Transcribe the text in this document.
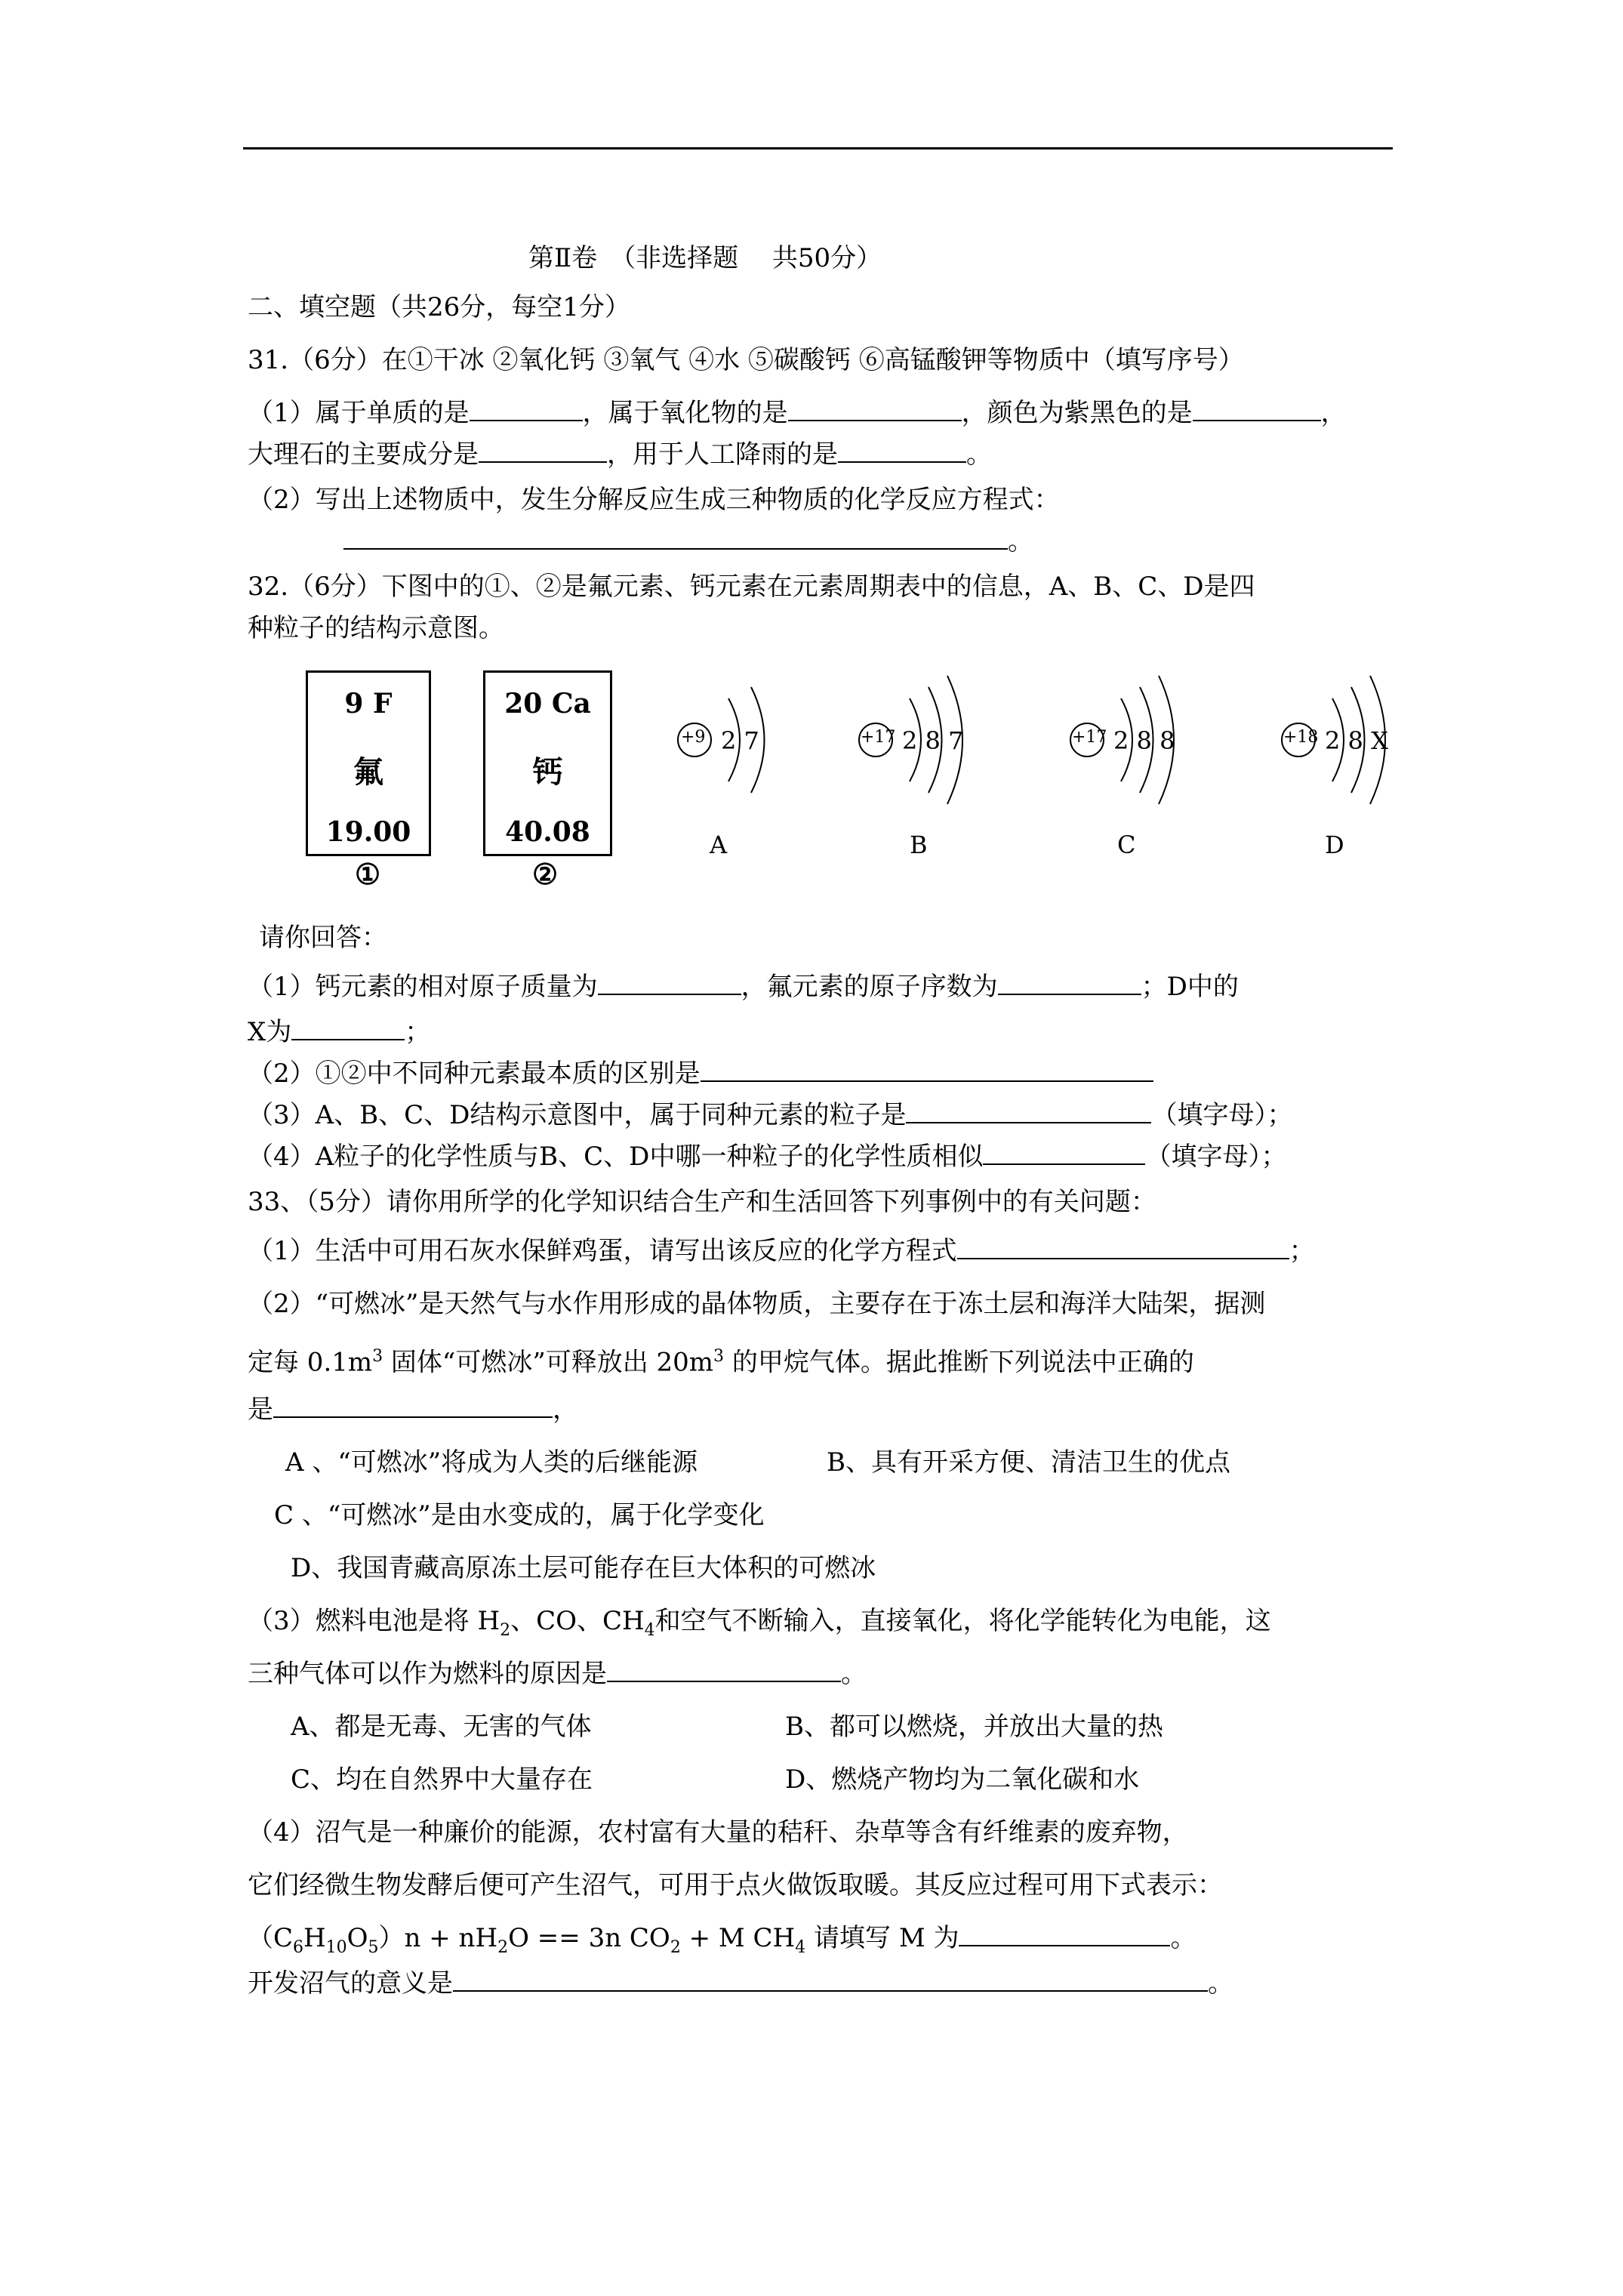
第Ⅱ卷　（非选择题　 共50分）
二、填空题（共26分，每空1分）
31.（6分）在①干冰 ②氧化钙 ③氧气 ④水 ⑤碳酸钙 ⑥高锰酸钾等物质中（填写序号）
（1）属于单质的是	，属于氧化物的是	，颜色为紫黑色的是	，
大理石的主要成分是	，用于人工降雨的是	。
（2）写出上述物质中，发生分解反应生成三种物质的化学反应方程式：
。
32.（6分）下图中的①、②是氟元素、钙元素在元素周期表中的信息，A、B、C、D是四
种粒子的结构示意图。
9 F
氟
19.00
①
20 Ca
钙
40.08
②
+9 2 7
A
+17 2 8 7
B
+17 2 8 8
C
+18 2 8 X
D
请你回答：
（1）钙元素的相对原子质量为	，氟元素的原子序数为	；D中的
X为	；
（2）①②中不同种元素最本质的区别是
（3）A、B、C、D结构示意图中，属于同种元素的粒子是	（填字母）；
（4）A粒子的化学性质与B、C、D中哪一种粒子的化学性质相似	（填字母）；
33、（5分）请你用所学的化学知识结合生产和生活回答下列事例中的有关问题：
（1）生活中可用石灰水保鲜鸡蛋，请写出该反应的化学方程式	；
（2）“可燃冰”是天然气与水作用形成的晶体物质，主要存在于冻土层和海洋大陆架，据测
定每 $0.1m^3$ 固体“可燃冰”可释放出 $20m^3$ 的甲烷气体。据此推断下列说法中正确的
是	，
A 、“可燃冰”将成为人类的后继能源	B、具有开采方便、清洁卫生的优点
C 、“可燃冰”是由水变成的，属于化学变化
D、我国青藏高原冻土层可能存在巨大体积的可燃冰
（3）燃料电池是将 $H_2$、CO、$CH_4$和空气不断输入，直接氧化，将化学能转化为电能，这
三种气体可以作为燃料的原因是	。
A、都是无毒、无害的气体	B、都可以燃烧，并放出大量的热
C、均在自然界中大量存在	D、燃烧产物均为二氧化碳和水
（4）沼气是一种廉价的能源，农村富有大量的秸秆、杂草等含有纤维素的废弃物，
它们经微生物发酵后便可产生沼气，可用于点火做饭取暖。其反应过程可用下式表示：
$(C_6H_{10}O_5)n + nH_2O == 3n$ $CO_2 + M$ $CH_4$ 请填写 M 为	。
开发沼气的意义是	。
